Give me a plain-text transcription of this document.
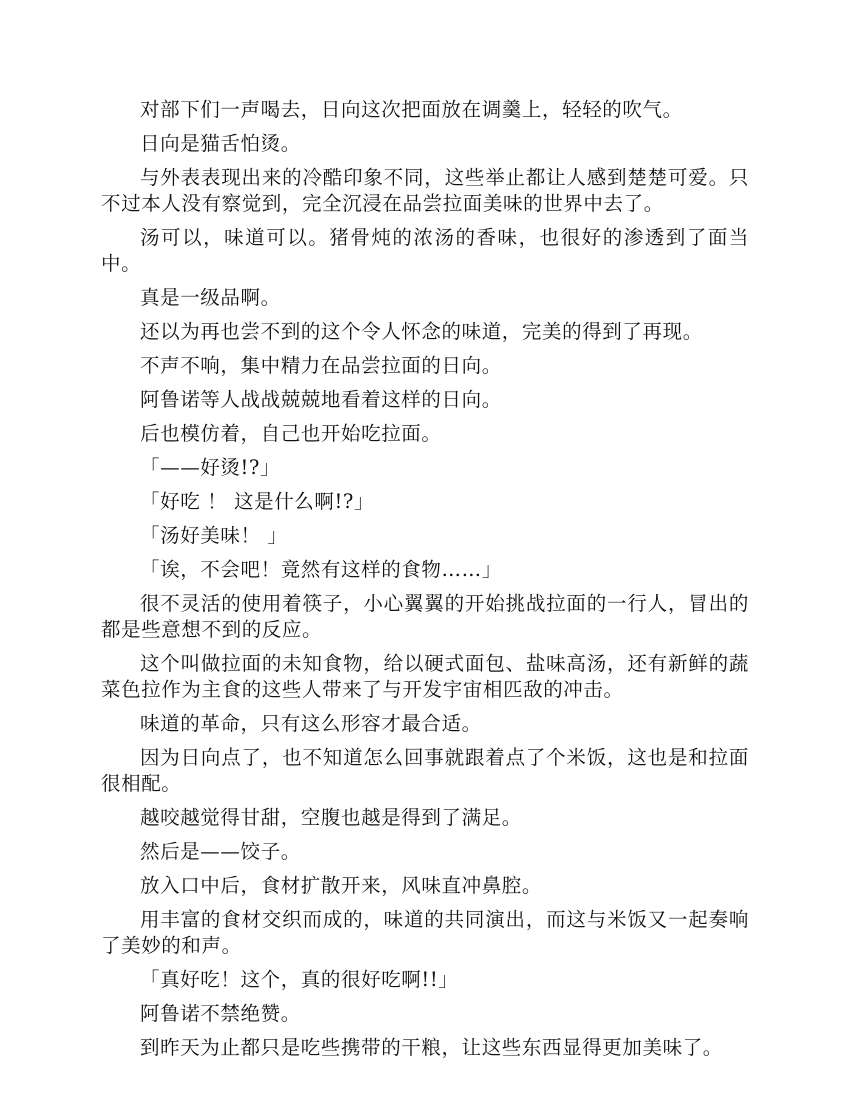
对部下们一声喝去，日向这次把面放在调羹上，轻轻的吹气。

日向是猫舌怕烫。

与外表表现出来的冷酷印象不同，这些举止都让人感到楚楚可爱。只不过本人没有察觉到，完全沉浸在品尝拉面美味的世界中去了。

汤可以，味道可以。猪骨炖的浓汤的香味，也很好的渗透到了面当中。

真是一级品啊。

还以为再也尝不到的这个令人怀念的味道，完美的得到了再现。

不声不响，集中精力在品尝拉面的日向。

阿鲁诺等人战战兢兢地看着这样的日向。

后也模仿着，自己也开始吃拉面。

「——好烫!?」

「好吃 ！ 这是什么啊!?」

「汤好美味！ 」

「诶，不会吧！竟然有这样的食物……」

很不灵活的使用着筷子，小心翼翼的开始挑战拉面的一行人，冒出的都是些意想不到的反应。

这个叫做拉面的未知食物，给以硬式面包、盐味高汤，还有新鲜的蔬菜色拉作为主食的这些人带来了与开发宇宙相匹敌的冲击。

味道的革命，只有这么形容才最合适。

因为日向点了，也不知道怎么回事就跟着点了个米饭，这也是和拉面很相配。

越咬越觉得甘甜，空腹也越是得到了满足。

然后是——饺子。

放入口中后，食材扩散开来，风味直冲鼻腔。

用丰富的食材交织而成的，味道的共同演出，而这与米饭又一起奏响了美妙的和声。

「真好吃！这个，真的很好吃啊!!」

阿鲁诺不禁绝赞。

到昨天为止都只是吃些携带的干粮，让这些东西显得更加美味了。
